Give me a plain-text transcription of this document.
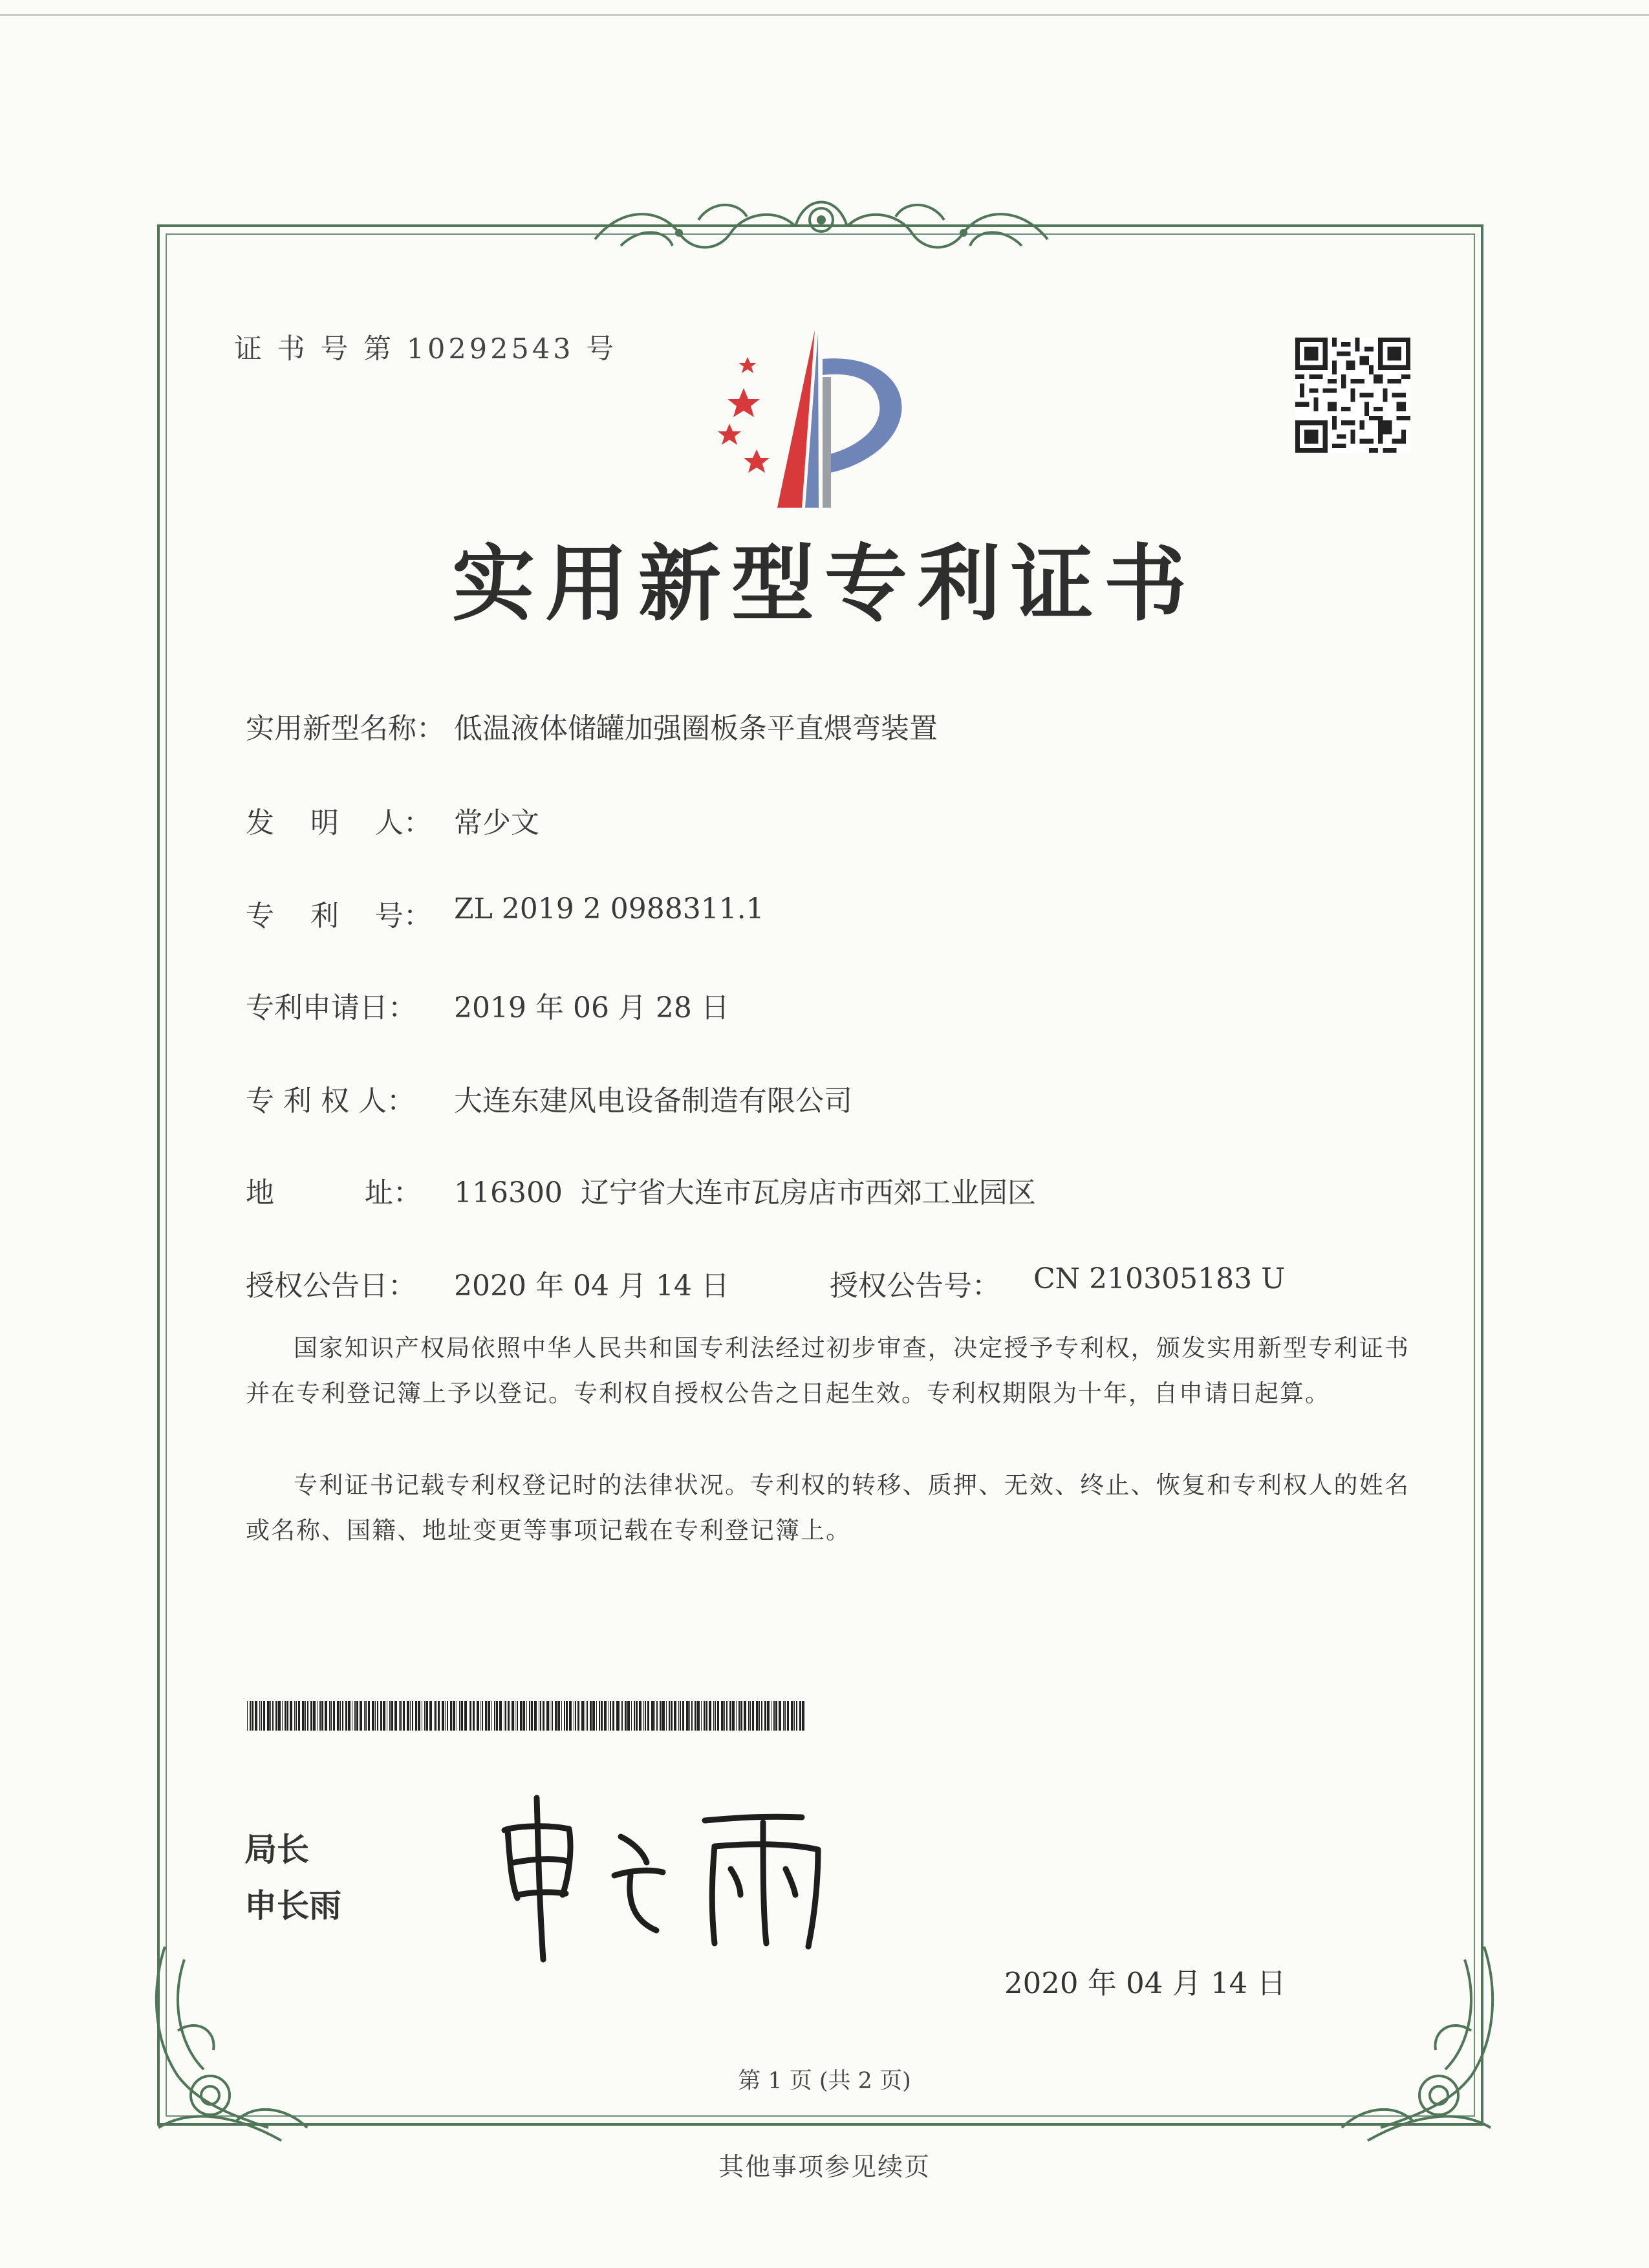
证 书 号 第 10292543 号
实用新型专利证书
实用新型名称： 低温液体储罐加强圈板条平直煨弯装置
发    明    人： 常少文
专    利    号： ZL 2019 2 0988311.1
专利申请日： 2019 年 06 月 28 日
专 利 权 人： 大连东建风电设备制造有限公司
地          址： 116300  辽宁省大连市瓦房店市西郊工业园区
授权公告日： 2020 年 04 月 14 日	授权公告号： CN 210305183 U
国家知识产权局依照中华人民共和国专利法经过初步审查，决定授予专利权，颁发实用新型专利证书并在专利登记簿上予以登记。专利权自授权公告之日起生效。专利权期限为十年，自申请日起算。
专利证书记载专利权登记时的法律状况。专利权的转移、质押、无效、终止、恢复和专利权人的姓名或名称、国籍、地址变更等事项记载在专利登记簿上。
局长
申长雨
2020 年 04 月 14 日
第 1 页 (共 2 页)
其他事项参见续页
